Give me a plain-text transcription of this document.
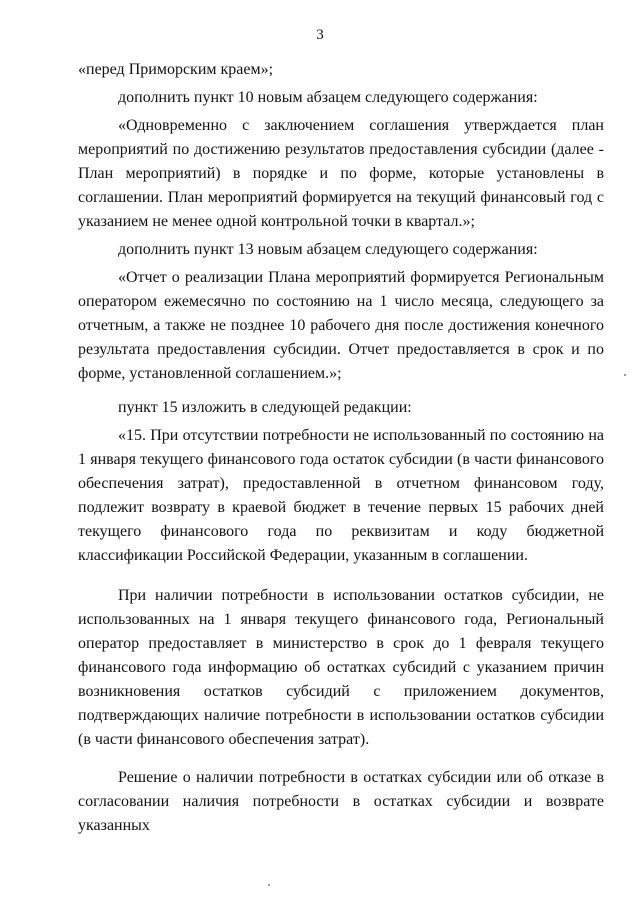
3

«перед Приморским краем»;

дополнить пункт 10 новым абзацем следующего содержания:

«Одновременно с заключением соглашения утверждается план мероприятий по достижению результатов предоставления субсидии (далее - План мероприятий) в порядке и по форме, которые установлены в соглашении. План мероприятий формируется на текущий финансовый год с указанием не менее одной контрольной точки в квартал.»;

дополнить пункт 13 новым абзацем следующего содержания:

«Отчет о реализации Плана мероприятий формируется Региональным оператором ежемесячно по состоянию на 1 число месяца, следующего за отчетным, а также не позднее 10 рабочего дня после достижения конечного результата предоставления субсидии. Отчет предоставляется в срок и по форме, установленной соглашением.»;

пункт 15 изложить в следующей редакции:

«15. При отсутствии потребности не использованный по состоянию на 1 января текущего финансового года остаток субсидии (в части финансового обеспечения затрат), предоставленной в отчетном финансовом году, подлежит возврату в краевой бюджет в течение первых 15 рабочих дней текущего финансового года по реквизитам и коду бюджетной классификации Российской Федерации, указанным в соглашении.

При наличии потребности в использовании остатков субсидии, не использованных на 1 января текущего финансового года, Региональный оператор предоставляет в министерство в срок до 1 февраля текущего финансового года информацию об остатках субсидий с указанием причин возникновения остатков субсидий с приложением документов, подтверждающих наличие потребности в использовании остатков субсидии (в части финансового обеспечения затрат).

Решение о наличии потребности в остатках субсидии или об отказе в согласовании наличия потребности в остатках субсидии и возврате указанных
